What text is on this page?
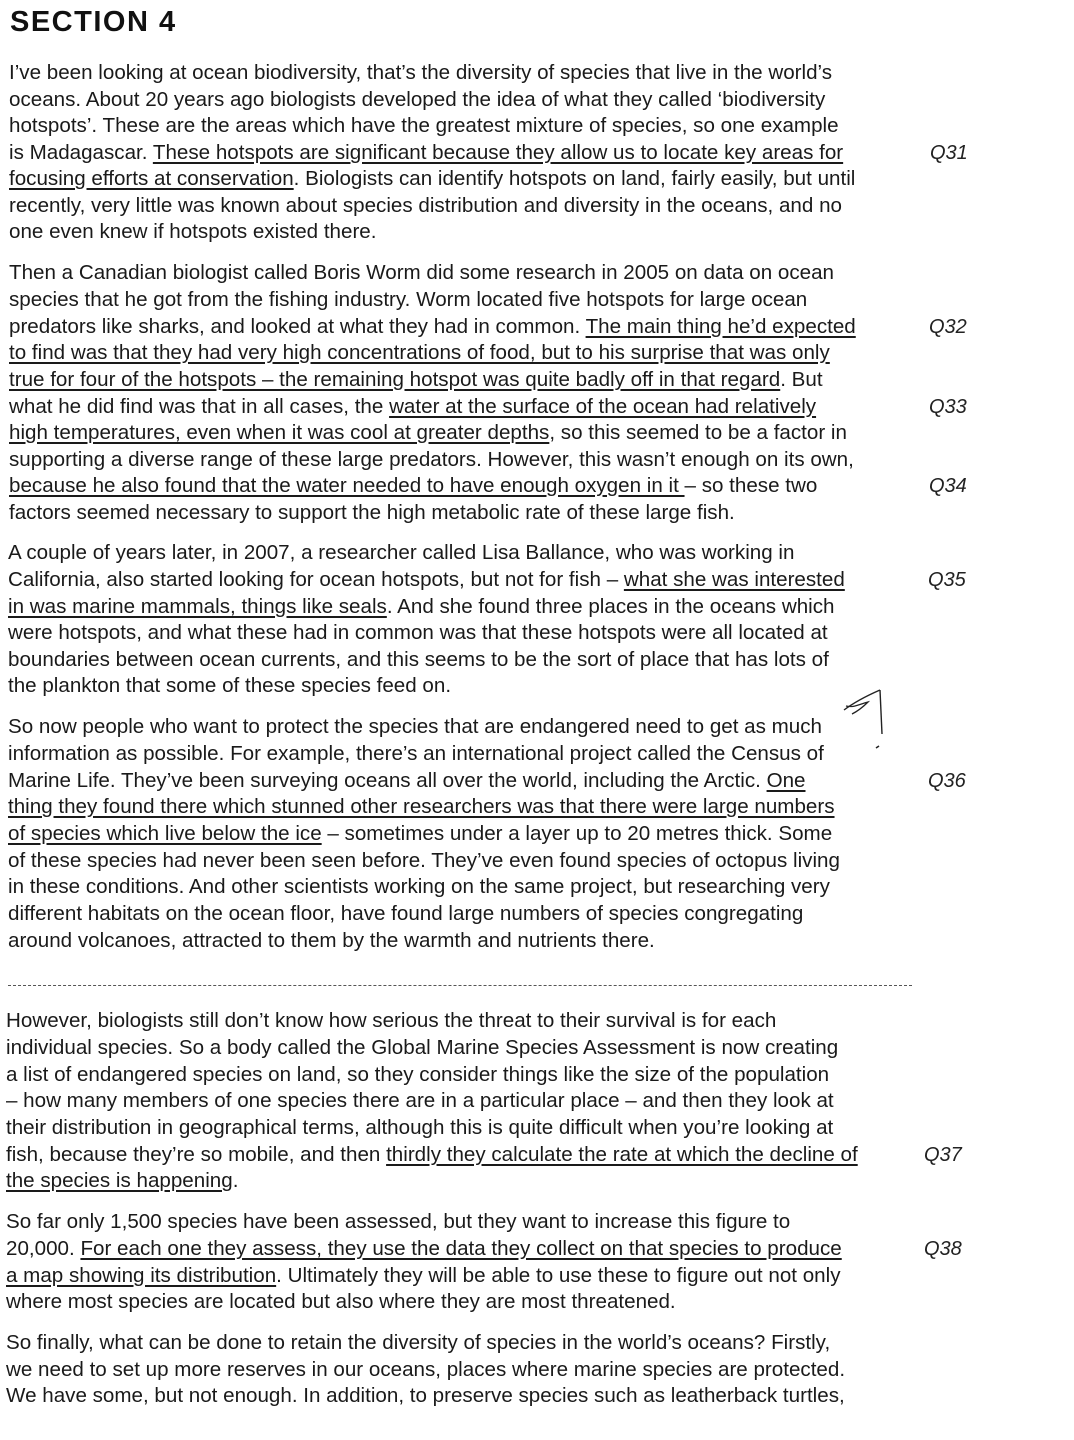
SECTION 4
I’ve been looking at ocean biodiversity, that’s the diversity of species that live in the world’s
oceans. About 20 years ago biologists developed the idea of what they called ‘biodiversity
hotspots’. These are the areas which have the greatest mixture of species, so one example
is Madagascar. These hotspots are significant because they allow us to locate key areas for
focusing efforts at conservation. Biologists can identify hotspots on land, fairly easily, but until
recently, very little was known about species distribution and diversity in the oceans, and no
one even knew if hotspots existed there.
Then a Canadian biologist called Boris Worm did some research in 2005 on data on ocean
species that he got from the fishing industry. Worm located five hotspots for large ocean
predators like sharks, and looked at what they had in common. The main thing he’d expected
to find was that they had very high concentrations of food, but to his surprise that was only
true for four of the hotspots – the remaining hotspot was quite badly off in that regard. But
what he did find was that in all cases, the water at the surface of the ocean had relatively
high temperatures, even when it was cool at greater depths, so this seemed to be a factor in
supporting a diverse range of these large predators. However, this wasn’t enough on its own,
because he also found that the water needed to have enough oxygen in it – so these two
factors seemed necessary to support the high metabolic rate of these large fish.
A couple of years later, in 2007, a researcher called Lisa Ballance, who was working in
California, also started looking for ocean hotspots, but not for fish – what she was interested
in was marine mammals, things like seals. And she found three places in the oceans which
were hotspots, and what these had in common was that these hotspots were all located at
boundaries between ocean currents, and this seems to be the sort of place that has lots of
the plankton that some of these species feed on.
So now people who want to protect the species that are endangered need to get as much
information as possible. For example, there’s an international project called the Census of
Marine Life. They’ve been surveying oceans all over the world, including the Arctic. One
thing they found there which stunned other researchers was that there were large numbers
of species which live below the ice – sometimes under a layer up to 20 metres thick. Some
of these species had never been seen before. They’ve even found species of octopus living
in these conditions. And other scientists working on the same project, but researching very
different habitats on the ocean floor, have found large numbers of species congregating
around volcanoes, attracted to them by the warmth and nutrients there.
However, biologists still don’t know how serious the threat to their survival is for each
individual species. So a body called the Global Marine Species Assessment is now creating
a list of endangered species on land, so they consider things like the size of the population
– how many members of one species there are in a particular place – and then they look at
their distribution in geographical terms, although this is quite difficult when you’re looking at
fish, because they’re so mobile, and then thirdly they calculate the rate at which the decline of
the species is happening.
So far only 1,500 species have been assessed, but they want to increase this figure to
20,000. For each one they assess, they use the data they collect on that species to produce
a map showing its distribution. Ultimately they will be able to use these to figure out not only
where most species are located but also where they are most threatened.
So finally, what can be done to retain the diversity of species in the world’s oceans? Firstly,
we need to set up more reserves in our oceans, places where marine species are protected.
We have some, but not enough. In addition, to preserve species such as leatherback turtles,
Q31
Q32
Q33
Q34
Q35
Q36
Q37
Q38
